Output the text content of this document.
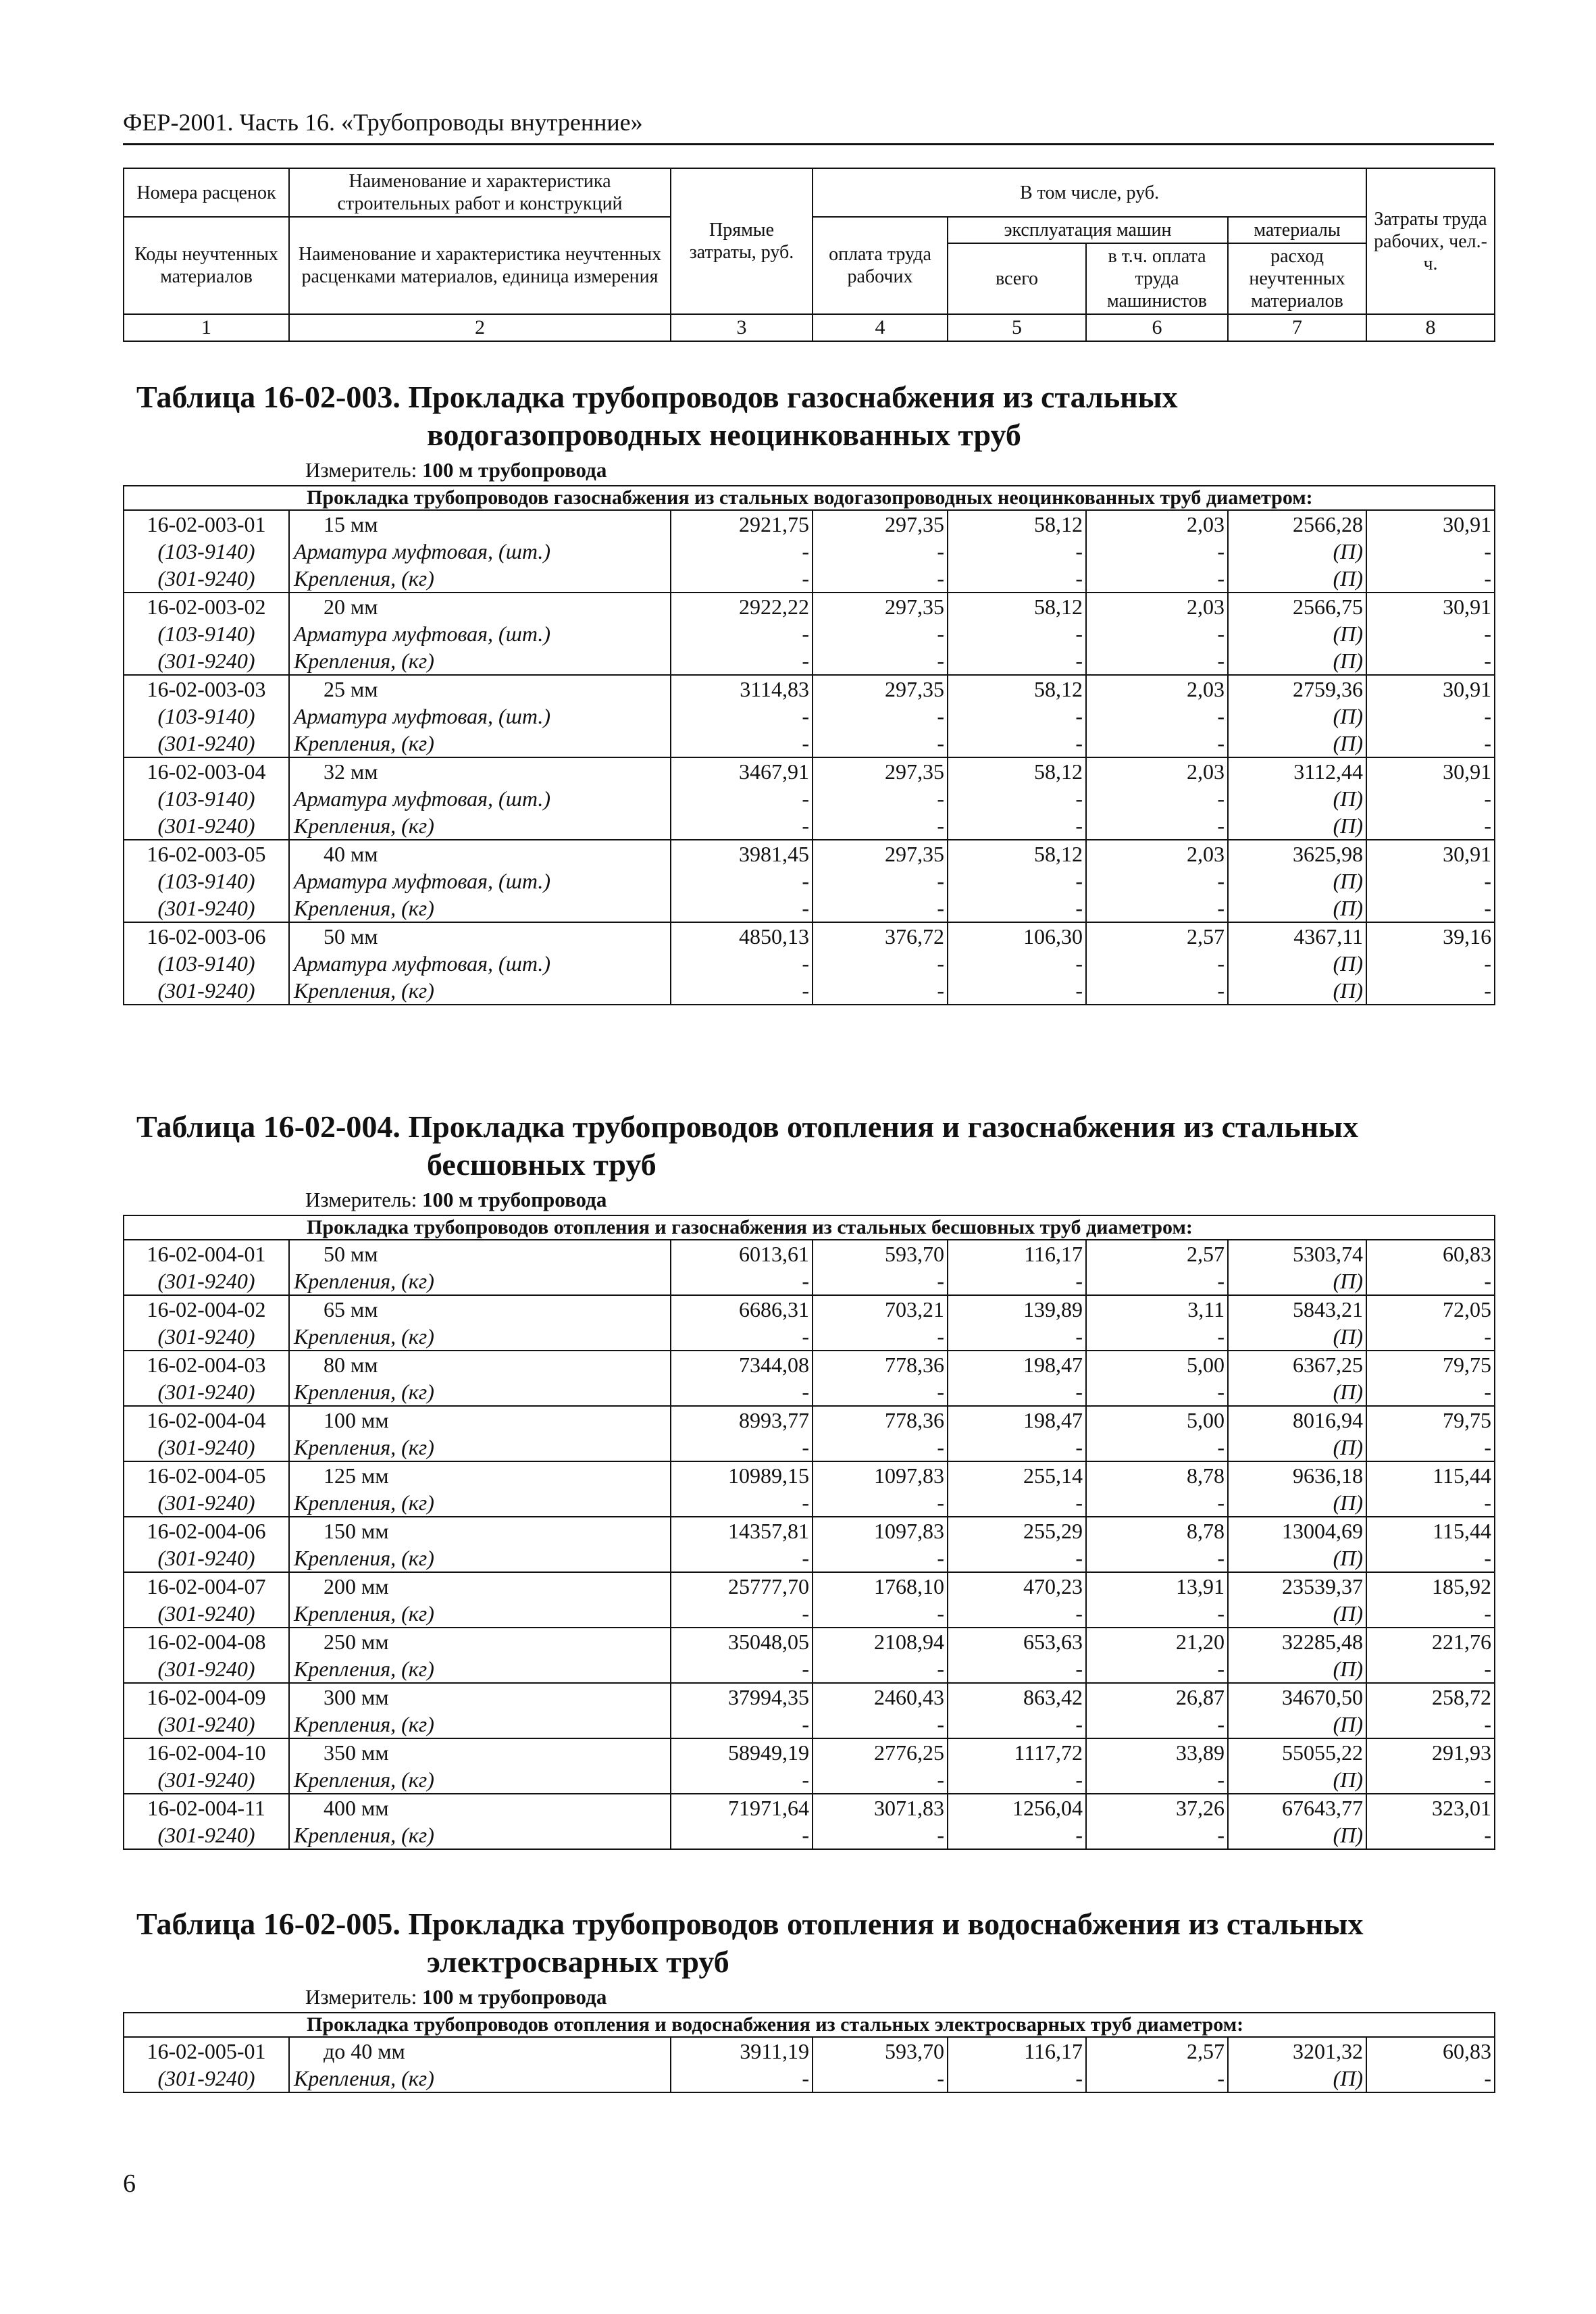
ФЕР-2001. Часть 16. «Трубопроводы внутренние»
Номера расценок	Наименование и характеристика строительных работ и конструкций	Прямые затраты, руб.	В том числе, руб.				Затраты труда рабочих, чел.-ч.
Коды неучтенных материалов	Наименование и характеристика неучтенных расценками материалов, единица измерения		оплата труда рабочих	эксплуатация машин		материалы	
				всего	в т.ч. оплата труда машинистов	расход неучтенных материалов	
1	2	3	4	5	6	7	8
Таблица 16-02-003. Прокладка трубопроводов газоснабжения из стальных
водогазопроводных неоцинкованных труб
Измеритель: 100 м трубопровода
Прокладка трубопроводов газоснабжения из стальных водогазопроводных неоцинкованных труб диаметром:							
16-02-003-01	15 мм	2921,75	297,35	58,12	2,03	2566,28	30,91
(103-9140)	Арматура муфтовая, (шт.)	-	-	-	-	(П)	-
(301-9240)	Крепления, (кг)	-	-	-	-	(П)	-
16-02-003-02	20 мм	2922,22	297,35	58,12	2,03	2566,75	30,91
(103-9140)	Арматура муфтовая, (шт.)	-	-	-	-	(П)	-
(301-9240)	Крепления, (кг)	-	-	-	-	(П)	-
16-02-003-03	25 мм	3114,83	297,35	58,12	2,03	2759,36	30,91
(103-9140)	Арматура муфтовая, (шт.)	-	-	-	-	(П)	-
(301-9240)	Крепления, (кг)	-	-	-	-	(П)	-
16-02-003-04	32 мм	3467,91	297,35	58,12	2,03	3112,44	30,91
(103-9140)	Арматура муфтовая, (шт.)	-	-	-	-	(П)	-
(301-9240)	Крепления, (кг)	-	-	-	-	(П)	-
16-02-003-05	40 мм	3981,45	297,35	58,12	2,03	3625,98	30,91
(103-9140)	Арматура муфтовая, (шт.)	-	-	-	-	(П)	-
(301-9240)	Крепления, (кг)	-	-	-	-	(П)	-
16-02-003-06	50 мм	4850,13	376,72	106,30	2,57	4367,11	39,16
(103-9140)	Арматура муфтовая, (шт.)	-	-	-	-	(П)	-
(301-9240)	Крепления, (кг)	-	-	-	-	(П)	-
Таблица 16-02-004. Прокладка трубопроводов отопления и газоснабжения из стальных
бесшовных труб
Измеритель: 100 м трубопровода
Прокладка трубопроводов отопления и газоснабжения из стальных бесшовных труб диаметром:							
16-02-004-01	50 мм	6013,61	593,70	116,17	2,57	5303,74	60,83
(301-9240)	Крепления, (кг)	-	-	-	-	(П)	-
16-02-004-02	65 мм	6686,31	703,21	139,89	3,11	5843,21	72,05
(301-9240)	Крепления, (кг)	-	-	-	-	(П)	-
16-02-004-03	80 мм	7344,08	778,36	198,47	5,00	6367,25	79,75
(301-9240)	Крепления, (кг)	-	-	-	-	(П)	-
16-02-004-04	100 мм	8993,77	778,36	198,47	5,00	8016,94	79,75
(301-9240)	Крепления, (кг)	-	-	-	-	(П)	-
16-02-004-05	125 мм	10989,15	1097,83	255,14	8,78	9636,18	115,44
(301-9240)	Крепления, (кг)	-	-	-	-	(П)	-
16-02-004-06	150 мм	14357,81	1097,83	255,29	8,78	13004,69	115,44
(301-9240)	Крепления, (кг)	-	-	-	-	(П)	-
16-02-004-07	200 мм	25777,70	1768,10	470,23	13,91	23539,37	185,92
(301-9240)	Крепления, (кг)	-	-	-	-	(П)	-
16-02-004-08	250 мм	35048,05	2108,94	653,63	21,20	32285,48	221,76
(301-9240)	Крепления, (кг)	-	-	-	-	(П)	-
16-02-004-09	300 мм	37994,35	2460,43	863,42	26,87	34670,50	258,72
(301-9240)	Крепления, (кг)	-	-	-	-	(П)	-
16-02-004-10	350 мм	58949,19	2776,25	1117,72	33,89	55055,22	291,93
(301-9240)	Крепления, (кг)	-	-	-	-	(П)	-
16-02-004-11	400 мм	71971,64	3071,83	1256,04	37,26	67643,77	323,01
(301-9240)	Крепления, (кг)	-	-	-	-	(П)	-
Таблица 16-02-005. Прокладка трубопроводов отопления и водоснабжения из стальных
электросварных труб
Измеритель: 100 м трубопровода
Прокладка трубопроводов отопления и водоснабжения из стальных электросварных труб диаметром:							
16-02-005-01	до 40 мм	3911,19	593,70	116,17	2,57	3201,32	60,83
(301-9240)	Крепления, (кг)	-	-	-	-	(П)	-
6
